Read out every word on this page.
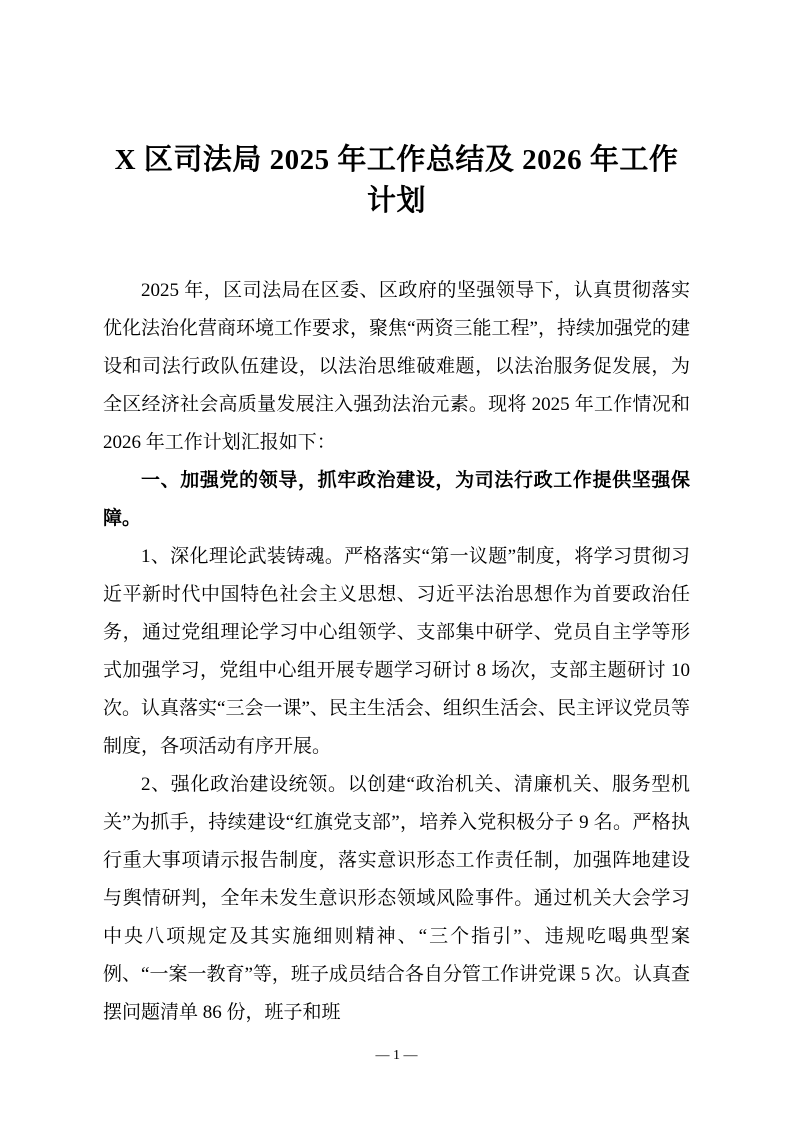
X 区司法局 2025 年工作总结及 2026 年工作计划

2025 年，区司法局在区委、区政府的坚强领导下，认真贯彻落实优化法治化营商环境工作要求，聚焦“两资三能工程”，持续加强党的建设和司法行政队伍建设，以法治思维破难题，以法治服务促发展，为全区经济社会高质量发展注入强劲法治元素。现将 2025 年工作情况和 2026 年工作计划汇报如下：

一、加强党的领导，抓牢政治建设，为司法行政工作提供坚强保障。

1、深化理论武装铸魂。严格落实“第一议题”制度，将学习贯彻习近平新时代中国特色社会主义思想、习近平法治思想作为首要政治任务，通过党组理论学习中心组领学、支部集中研学、党员自主学等形式加强学习，党组中心组开展专题学习研讨 8 场次，支部主题研讨 10 次。认真落实“三会一课”、民主生活会、组织生活会、民主评议党员等制度，各项活动有序开展。

2、强化政治建设统领。以创建“政治机关、清廉机关、服务型机关”为抓手，持续建设“红旗党支部”，培养入党积极分子 9 名。严格执行重大事项请示报告制度，落实意识形态工作责任制，加强阵地建设与舆情研判，全年未发生意识形态领域风险事件。通过机关大会学习中央八项规定及其实施细则精神、“三个指引”、违规吃喝典型案例、“一案一教育”等，班子成员结合各自分管工作讲党课 5 次。认真查摆问题清单 86 份，班子和班

— 1 —
